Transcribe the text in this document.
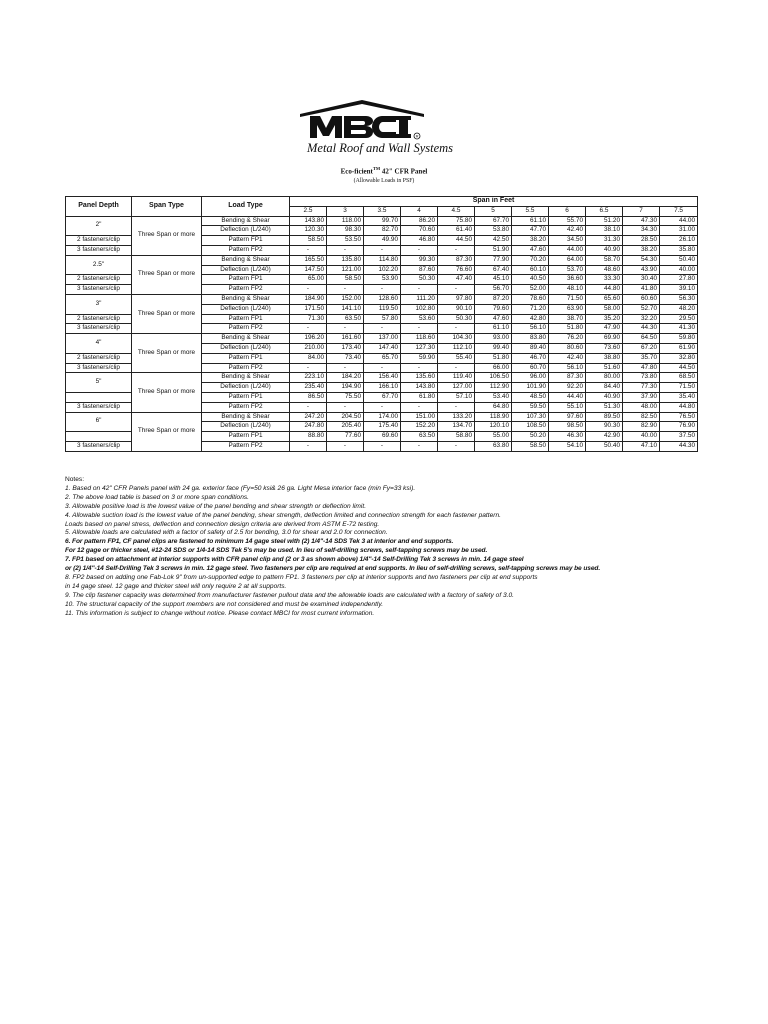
R
Metal Roof and Wall Systems
Eco-ficient™ 42" CFR Panel
(Allowable Loads in PSF)
Panel Depth	Span Type	Load Type	Span in Feet										
			2.5	3	3.5	4	4.5	5	5.5	6	6.5	7	7.5
2"	Three Span or more	Bending & Shear	143.80	118.00	99.70	86.20	75.80	67.70	61.10	55.70	51.20	47.30	44.00
		Deflection (L/240)	120.30	98.30	82.70	70.60	61.40	53.80	47.70	42.40	38.10	34.30	31.00
2 fasteners/clip		Pattern FP1	58.50	53.50	49.90	46.80	44.50	42.50	38.20	34.50	31.30	28.50	26.10
3 fasteners/clip		Pattern FP2	-	-	-	-	-	51.90	47.60	44.00	40.90	38.20	35.80
2.5"	Three Span or more	Bending & Shear	165.50	135.80	114.80	99.30	87.30	77.90	70.20	64.00	58.70	54.30	50.40
		Deflection (L/240)	147.50	121.00	102.20	87.60	76.60	67.40	60.10	53.70	48.60	43.90	40.00
2 fasteners/clip		Pattern FP1	65.00	58.50	53.90	50.30	47.40	45.10	40.50	36.60	33.30	30.40	27.80
3 fasteners/clip		Pattern FP2	-	-	-	-	-	56.70	52.00	48.10	44.80	41.80	39.10
3"	Three Span or more	Bending & Shear	184.90	152.00	128.60	111.20	97.80	87.20	78.60	71.50	65.60	60.60	56.30
		Deflection (L/240)	171.50	141.10	119.50	102.80	90.10	79.60	71.20	63.90	58.00	52.70	48.20
2 fasteners/clip		Pattern FP1	71.30	63.50	57.80	53.60	50.30	47.60	42.80	38.70	35.20	32.20	29.50
3 fasteners/clip		Pattern FP2	-	-	-	-	-	61.10	56.10	51.80	47.90	44.30	41.30
4"	Three Span or more	Bending & Shear	196.20	161.60	137.00	118.60	104.30	93.00	83.80	76.20	69.90	64.50	59.80
		Deflection (L/240)	210.00	173.40	147.40	127.30	112.10	99.40	89.40	80.60	73.60	67.20	61.90
2 fasteners/clip		Pattern FP1	84.00	73.40	65.70	59.90	55.40	51.80	46.70	42.40	38.80	35.70	32.80
3 fasteners/clip		Pattern FP2	-	-	-	-	-	66.00	60.70	56.10	51.60	47.80	44.50
5"	Three Span or more	Bending & Shear	223.10	184.20	156.40	135.60	119.40	106.50	96.00	87.30	80.00	73.80	68.50
		Deflection (L/240)	235.40	194.90	166.10	143.80	127.00	112.90	101.90	92.20	84.40	77.30	71.50
		Pattern FP1	86.50	75.50	67.70	61.80	57.10	53.40	48.50	44.40	40.90	37.90	35.40
3 fasteners/clip		Pattern FP2	-	-	-	-	-	64.80	59.50	55.10	51.30	48.00	44.80
6"	Three Span or more	Bending & Shear	247.20	204.50	174.00	151.00	133.20	118.90	107.30	97.60	89.50	82.50	76.50
		Deflection (L/240)	247.80	205.40	175.40	152.20	134.70	120.10	108.50	98.50	90.30	82.90	76.90
		Pattern FP1	88.80	77.60	69.60	63.50	58.80	55.00	50.20	46.30	42.90	40.00	37.50
3 fasteners/clip		Pattern FP2	-	-	-	-	-	63.80	58.50	54.10	50.40	47.10	44.30
Notes:
1. Based on 42" CFR Panels panel with 24 ga. exterior face (Fy=50 ksi& 26 ga. Light Mesa interior face (min Fy=33 ksi).
2. The above load table is based on 3 or more span conditions.
3. Allowable positive load is the lowest value of the panel bending and shear strength or deflection limit.
4. Allowable suction load is the lowest value of the panel bending, shear strength, deflection limited and connection strength for each fastener pattern.
Loads based on panel stress, deflection and connection design criteria are derived from ASTM E-72 testing.
5. Allowable loads are calculated with a factor of safety of 2.5 for bending, 3.0 for shear and 2.0 for connection.
6. For pattern FP1, CF panel clips are fastened to minimum 14 gage steel with (2) 1/4"-14 SDS Tek 3 at interior and end supports.
For 12 gage or thicker steel, #12-24 SDS or 1/4-14 SDS Tek 5's may be used. In lieu of self-drilling screws, self-tapping screws may be used.
7. FP1 based on attachment at interior supports with CFR panel clip and (2 or 3 as shown above) 1/4"-14 Self-Drilling Tek 3 screws in min. 14 gage steel
or (2) 1/4"-14 Self-Drilling Tek 3 screws in min. 12 gage steel. Two fasteners per clip are required at end supports. In lieu of self-drilling screws, self-tapping screws may be used.
8. FP2 based on adding one Fab-Lok 9" from un-supported edge to pattern FP1. 3 fasteners per clip at interior supports and two fasteners per clip at end supports
in 14 gage steel. 12 gage and thicker steel will only require 2 at all supports.
9. The clip fastener capacity was determined from manufacturer fastener pullout data and the allowable loads are calculated with a factory of safety of 3.0.
10. The structural capacity of the support members are not considered and must be examined independently.
11. This information is subject to change without notice. Please contact MBCI for most current information.
